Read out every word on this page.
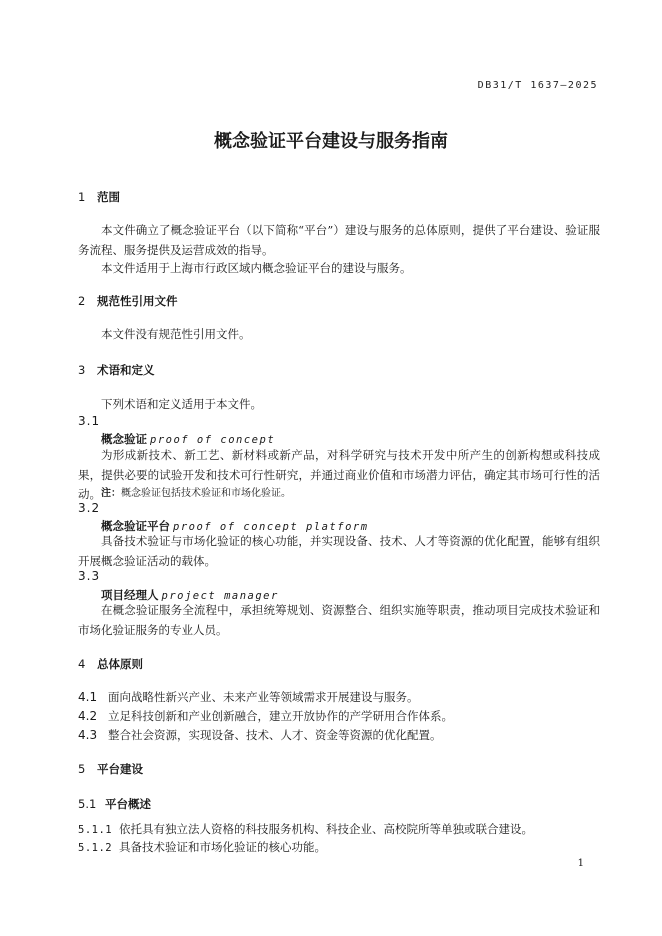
DB31/T 1637—2025
概念验证平台建设与服务指南
1 范围
本文件确立了概念验证平台（以下简称“平台”）建设与服务的总体原则，提供了平台建设、验证服务流程、服务提供及运营成效的指导。
本文件适用于上海市行政区域内概念验证平台的建设与服务。
2 规范性引用文件
本文件没有规范性引用文件。
3 术语和定义
下列术语和定义适用于本文件。
3.1
概念验证 proof of concept
为形成新技术、新工艺、新材料或新产品，对科学研究与技术开发中所产生的创新构想或科技成果，提供必要的试验开发和技术可行性研究，并通过商业价值和市场潜力评估，确定其市场可行性的活动。 注：概念验证包括技术验证和市场化验证。
3.2
概念验证平台 proof of concept platform
具备技术验证与市场化验证的核心功能，并实现设备、技术、人才等资源的优化配置，能够有组织开展概念验证活动的载体。
3.3
项目经理人 project manager
在概念验证服务全流程中，承担统筹规划、资源整合、组织实施等职责，推动项目完成技术验证和市场化验证服务的专业人员。
4 总体原则
4.1 面向战略性新兴产业、未来产业等领域需求开展建设与服务。
4.2 立足科技创新和产业创新融合，建立开放协作的产学研用合作体系。
4.3 整合社会资源，实现设备、技术、人才、资金等资源的优化配置。
5 平台建设
5.1 平台概述
5.1.1 依托具有独立法人资格的科技服务机构、科技企业、高校院所等单独或联合建设。
5.1.2 具备技术验证和市场化验证的核心功能。
1
